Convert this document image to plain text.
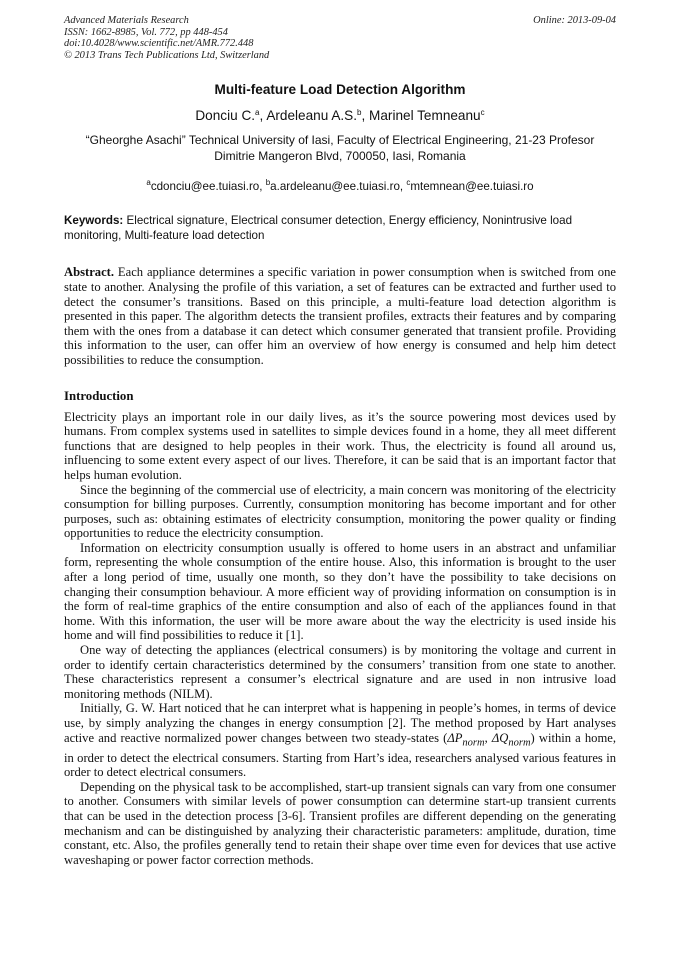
Advanced Materials Research
ISSN: 1662-8985, Vol. 772, pp 448-454
doi:10.4028/www.scientific.net/AMR.772.448
© 2013 Trans Tech Publications Ltd, Switzerland
Online: 2013-09-04
Multi-feature Load Detection Algorithm
Donciu C.$^a$, Ardeleanu A.S.$^b$, Marinel Temneanu$^c$
“Gheorghe Asachi” Technical University of Iasi, Faculty of Electrical Engineering, 21-23 Profesor Dimitrie Mangeron Blvd, 700050, Iasi, Romania
$^a$cdonciu@ee.tuiasi.ro, $^b$a.ardeleanu@ee.tuiasi.ro, $^c$mtemnean@ee.tuiasi.ro
Keywords: Electrical signature, Electrical consumer detection, Energy efficiency, Nonintrusive load monitoring, Multi-feature load detection

Abstract. Each appliance determines a specific variation in power consumption when is switched from one state to another. Analysing the profile of this variation, a set of features can be extracted and further used to detect the consumer’s transitions. Based on this principle, a multi-feature load detection algorithm is presented in this paper. The algorithm detects the transient profiles, extracts their features and by comparing them with the ones from a database it can detect which consumer generated that transient profile. Providing this information to the user, can offer him an overview of how energy is consumed and help him detect possibilities to reduce the consumption.

Introduction

Electricity plays an important role in our daily lives, as it’s the source powering most devices used by humans. From complex systems used in satellites to simple devices found in a home, they all meet different functions that are designed to help peoples in their work. Thus, the electricity is found all around us, influencing to some extent every aspect of our lives. Therefore, it can be said that is an important factor that helps human evolution.

Since the beginning of the commercial use of electricity, a main concern was monitoring of the electricity consumption for billing purposes. Currently, consumption monitoring has become important and for other purposes, such as: obtaining estimates of electricity consumption, monitoring the power quality or finding opportunities to reduce the electricity consumption.

Information on electricity consumption usually is offered to home users in an abstract and unfamiliar form, representing the whole consumption of the entire house. Also, this information is brought to the user after a long period of time, usually one month, so they don’t have the possibility to take decisions on changing their consumption behaviour. A more efficient way of providing information on consumption is in the form of real-time graphics of the entire consumption and also of each of the appliances found in that home. With this information, the user will be more aware about the way the electricity is used inside his home and will find possibilities to reduce it [1].

One way of detecting the appliances (electrical consumers) is by monitoring the voltage and current in order to identify certain characteristics determined by the consumers’ transition from one state to another. These characteristics represent a consumer’s electrical signature and are used in non intrusive load monitoring methods (NILM).

Initially, G. W. Hart noticed that he can interpret what is happening in people’s homes, in terms of device use, by simply analyzing the changes in energy consumption [2]. The method proposed by Hart analyses active and reactive normalized power changes between two steady-states ($\Delta P_{norm}$, $\Delta Q_{norm}$) within a home, in order to detect the electrical consumers. Starting from Hart’s idea, researchers analysed various features in order to detect electrical consumers.

Depending on the physical task to be accomplished, start-up transient signals can vary from one consumer to another. Consumers with similar levels of power consumption can determine start-up transient currents that can be used in the detection process [3-6]. Transient profiles are different depending on the generating mechanism and can be distinguished by analyzing their characteristic parameters: amplitude, duration, time constant, etc. Also, the profiles generally tend to retain their shape over time even for devices that use active waveshaping or power factor correction methods.
